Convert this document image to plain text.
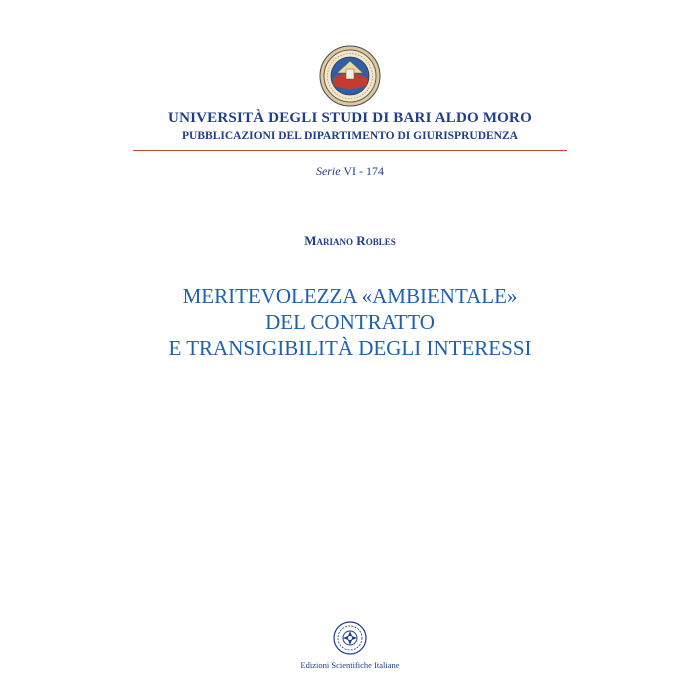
UNIVERSITÀ DEGLI STUDI DI BARI ALDO MORO
PUBBLICAZIONI DEL DIPARTIMENTO DI GIURISPRUDENZA
Serie VI - 174
Mariano Robles
MERITEVOLEZZA «AMBIENTALE»
DEL CONTRATTO
E TRANSIGIBILITÀ DEGLI INTERESSI
Edizioni Scientifiche Italiane
